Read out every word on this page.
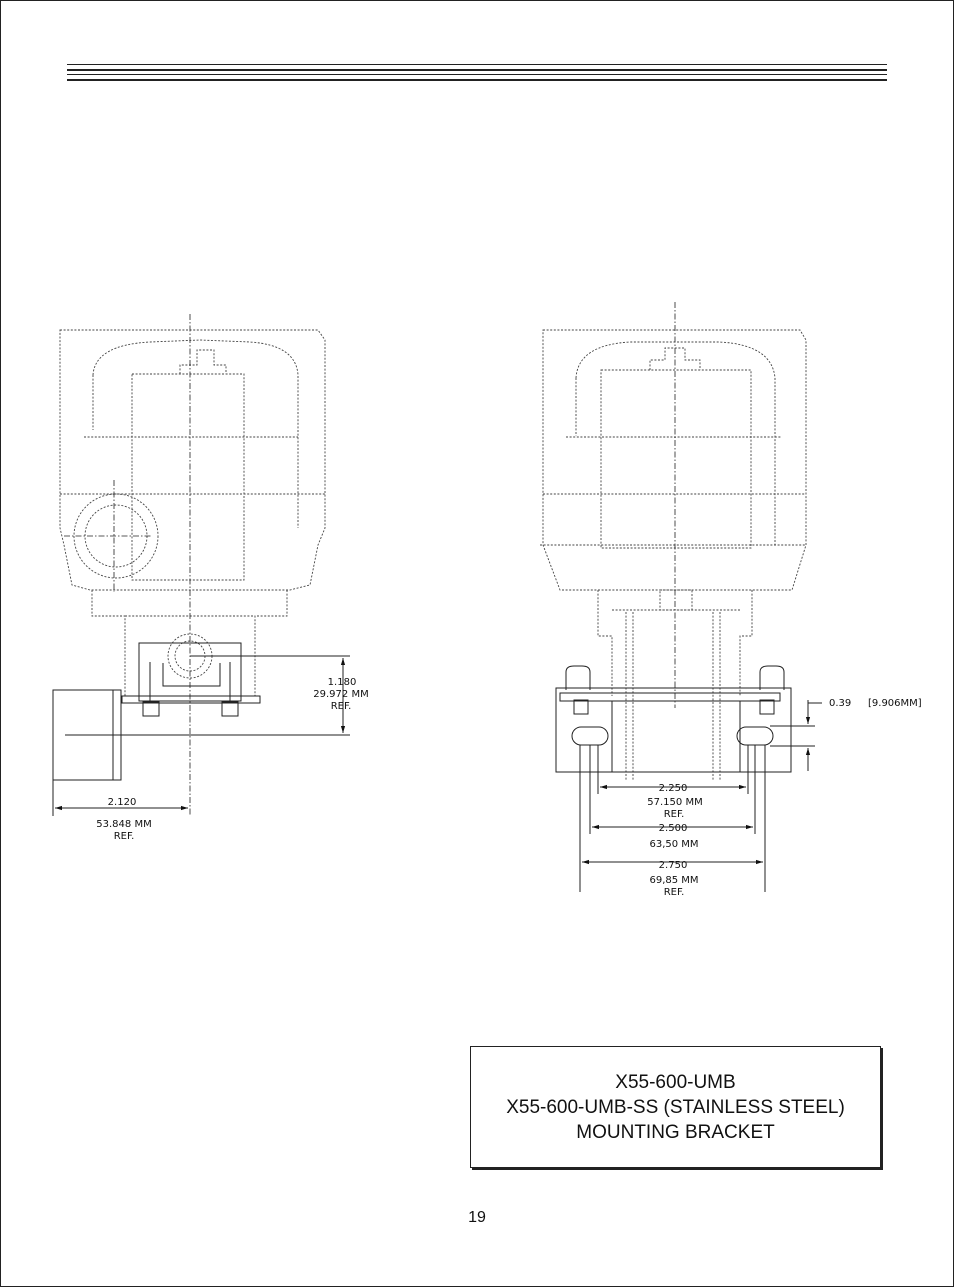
1.180
29.972 MM
REF.
2.120
53.848 MM
REF.
0.39 [9.906MM]
2.250
57.150 MM
REF.
2.500
63,50 MM
2.750
69,85 MM
REF.
X55-600-UMB
X55-600-UMB-SS (STAINLESS STEEL)
MOUNTING BRACKET
19
